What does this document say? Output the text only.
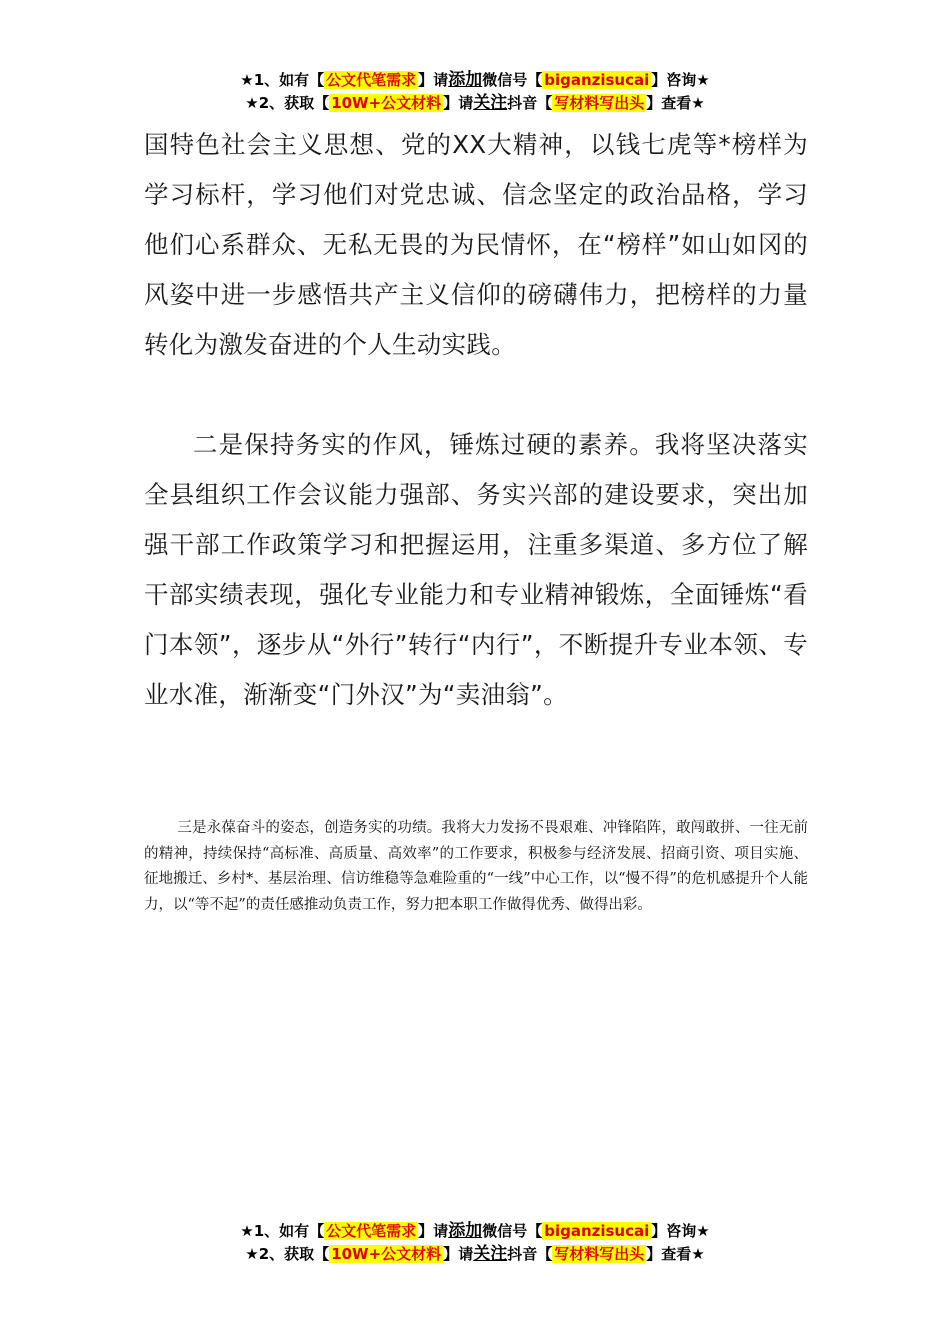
★1、如有【 公文代笔需求 】请添加微信号【 biganzisucai 】咨询★
★2、获取【 10W+公文材料 】请关注抖音【 写材料写出头 】查看★

国特色社会主义思想、党的XX大精神，以钱七虎等*榜样为学习标杆，学习他们对党忠诚、信念坚定的政治品格，学习他们心系群众、无私无畏的为民情怀，在“榜样”如山如冈的风姿中进一步感悟共产主义信仰的磅礴伟力，把榜样的力量转化为激发奋进的个人生动实践。

二是保持务实的作风，锤炼过硬的素养。我将坚决落实全县组织工作会议能力强部、务实兴部的建设要求，突出加强干部工作政策学习和把握运用，注重多渠道、多方位了解干部实绩表现，强化专业能力和专业精神锻炼，全面锤炼“看门本领”，逐步从“外行”转行“内行”，不断提升专业本领、专业水准，渐渐变“门外汉”为“卖油翁”。

三是永葆奋斗的姿态，创造务实的功绩。我将大力发扬不畏艰难、冲锋陷阵，敢闯敢拼、一往无前的精神，持续保持“高标准、高质量、高效率”的工作要求，积极参与经济发展、招商引资、项目实施、征地搬迁、乡村*、基层治理、信访维稳等急难险重的“一线”中心工作，以“慢不得”的危机感提升个人能力，以“等不起”的责任感推动负责工作，努力把本职工作做得优秀、做得出彩。

★1、如有【 公文代笔需求 】请添加微信号【 biganzisucai 】咨询★
★2、获取【 10W+公文材料 】请关注抖音【 写材料写出头 】查看★
